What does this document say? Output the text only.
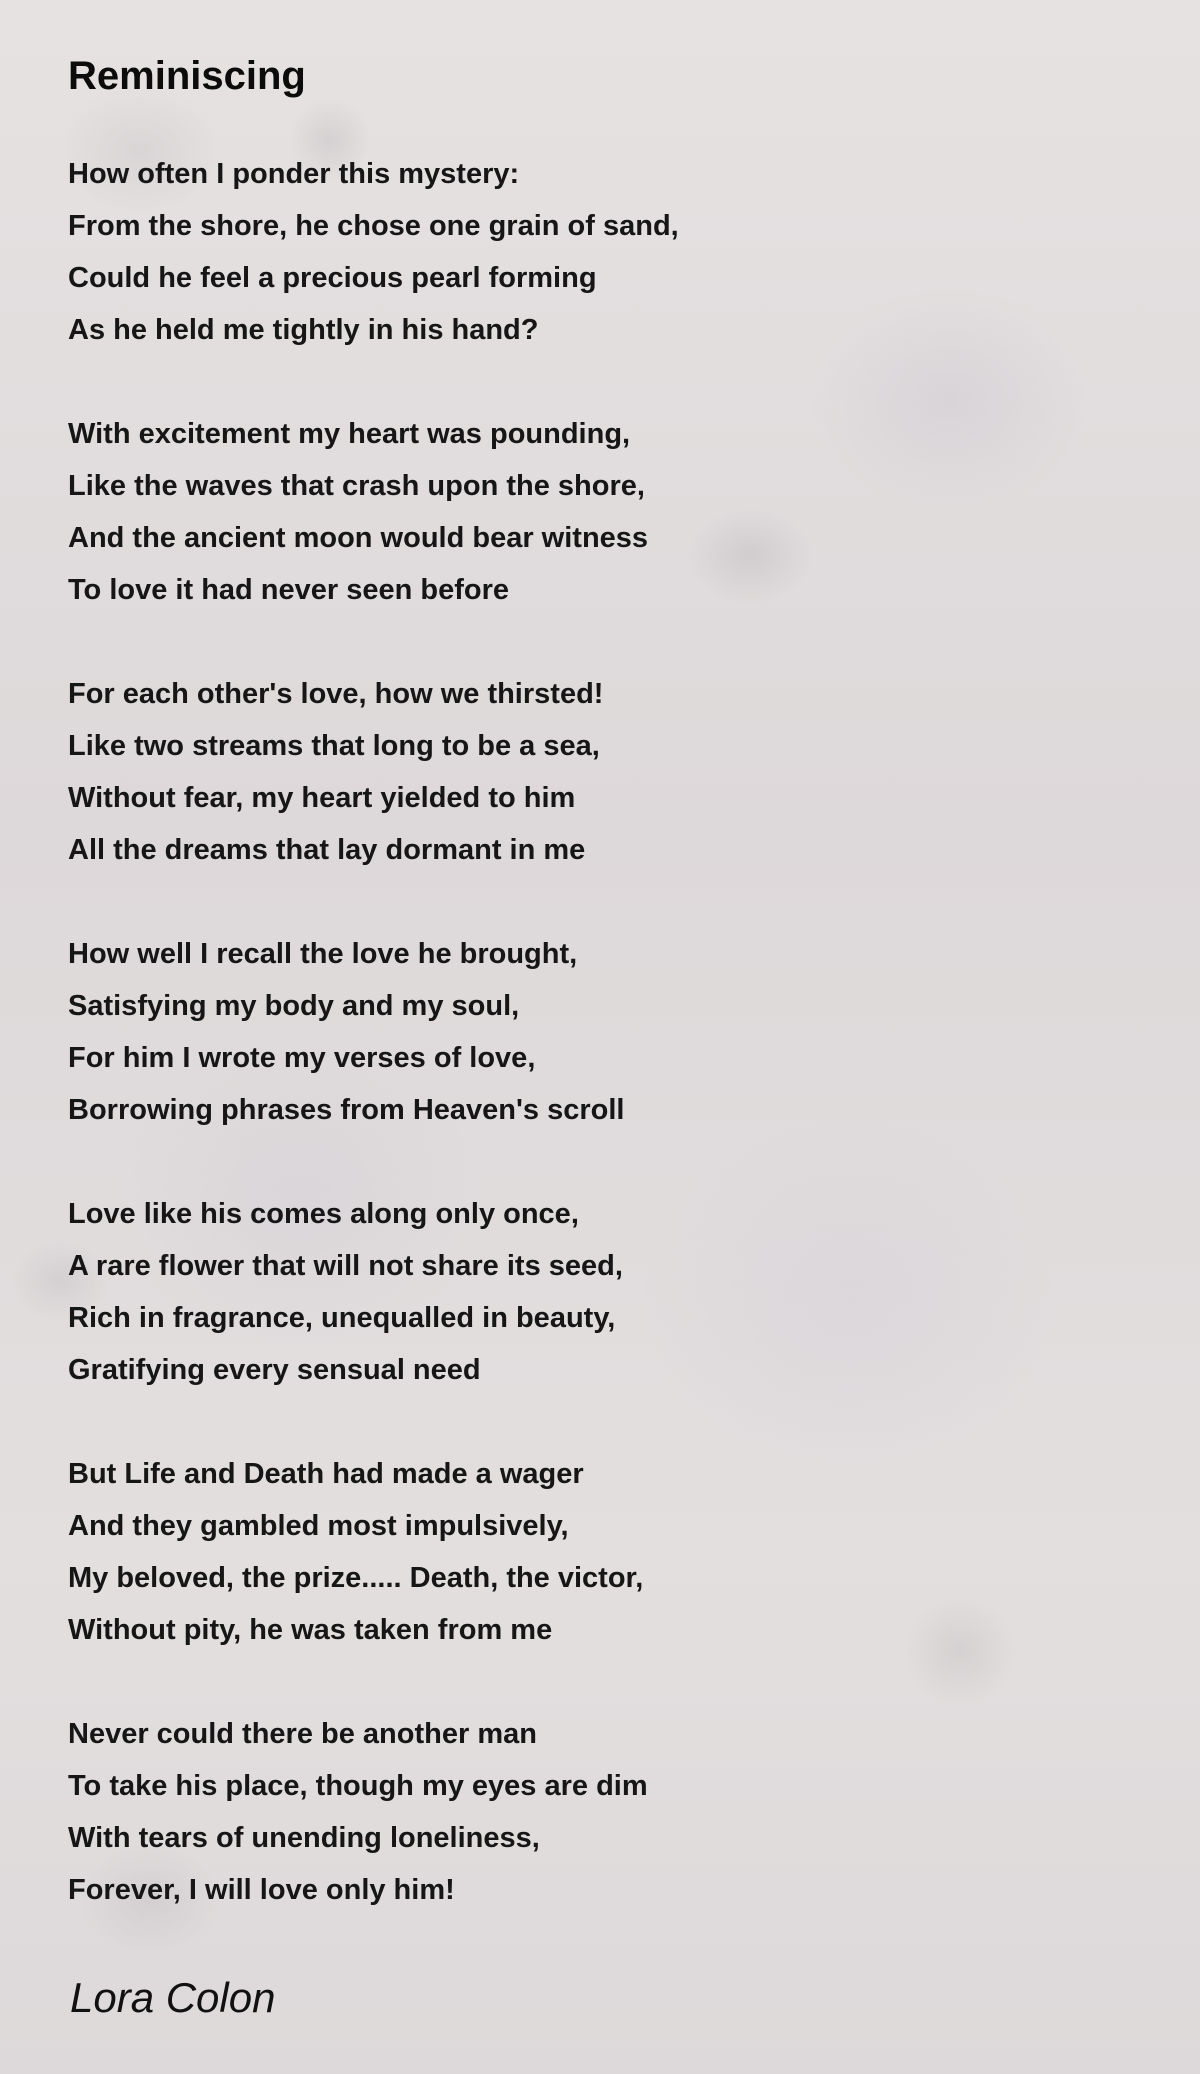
Reminiscing
How often I ponder this mystery:
From the shore, he chose one grain of sand,
Could he feel a precious pearl forming
As he held me tightly in his hand?
With excitement my heart was pounding,
Like the waves that crash upon the shore,
And the ancient moon would bear witness
To love it had never seen before
For each other's love, how we thirsted!
Like two streams that long to be a sea,
Without fear, my heart yielded to him
All the dreams that lay dormant in me
How well I recall the love he brought,
Satisfying my body and my soul,
For him I wrote my verses of love,
Borrowing phrases from Heaven's scroll
Love like his comes along only once,
A rare flower that will not share its seed,
Rich in fragrance, unequalled in beauty,
Gratifying every sensual need
But Life and Death had made a wager
And they gambled most impulsively,
My beloved, the prize..... Death, the victor,
Without pity, he was taken from me
Never could there be another man
To take his place, though my eyes are dim
With tears of unending loneliness,
Forever, I will love only him!

Lora Colon
